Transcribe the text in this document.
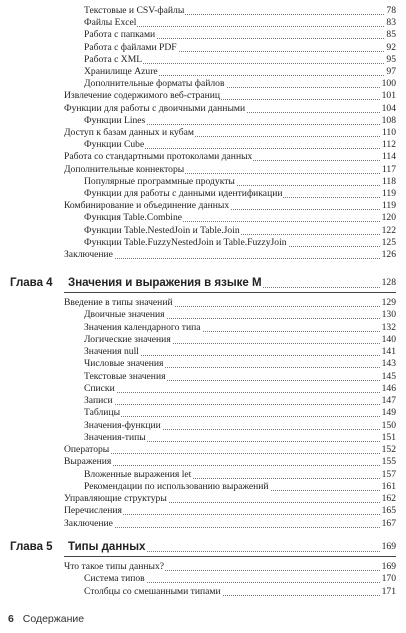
Текстовые и CSV-файлы	78
Файлы Excel	83
Работа с папками	85
Работа с файлами PDF	92
Работа с XML	95
Хранилище Azure	97
Дополнительные форматы файлов	100
Извлечение содержимого веб-страниц	101
Функции для работы с двоичными данными	104
Функции Lines	108
Доступ к базам данных и кубам	110
Функции Cube	112
Работа со стандартными протоколами данных	114
Дополнительные коннекторы	117
Популярные программные продукты	118
Функции для работы с данными идентификации	119
Комбинирование и объединение данных	119
Функция Table.Combine	120
Функции Table.NestedJoin и Table.Join	122
Функции Table.FuzzyNestedJoin и Table.FuzzyJoin	125
Заключение	126
Глава 4 Значения и выражения в языке M	128
Введение в типы значений	129
Двоичные значения	130
Значения календарного типа	132
Логические значения	140
Значения null	141
Числовые значения	143
Текстовые значения	145
Списки	146
Записи	147
Таблицы	149
Значения-функции	150
Значения-типы	151
Операторы	152
Выражения	155
Вложенные выражения let	157
Рекомендации по использованию выражений	161
Управляющие структуры	162
Перечисления	165
Заключение	167
Глава 5 Типы данных	169
Что такое типы данных?	169
Система типов	170
Столбцы со смешанными типами	171
6 Содержание
